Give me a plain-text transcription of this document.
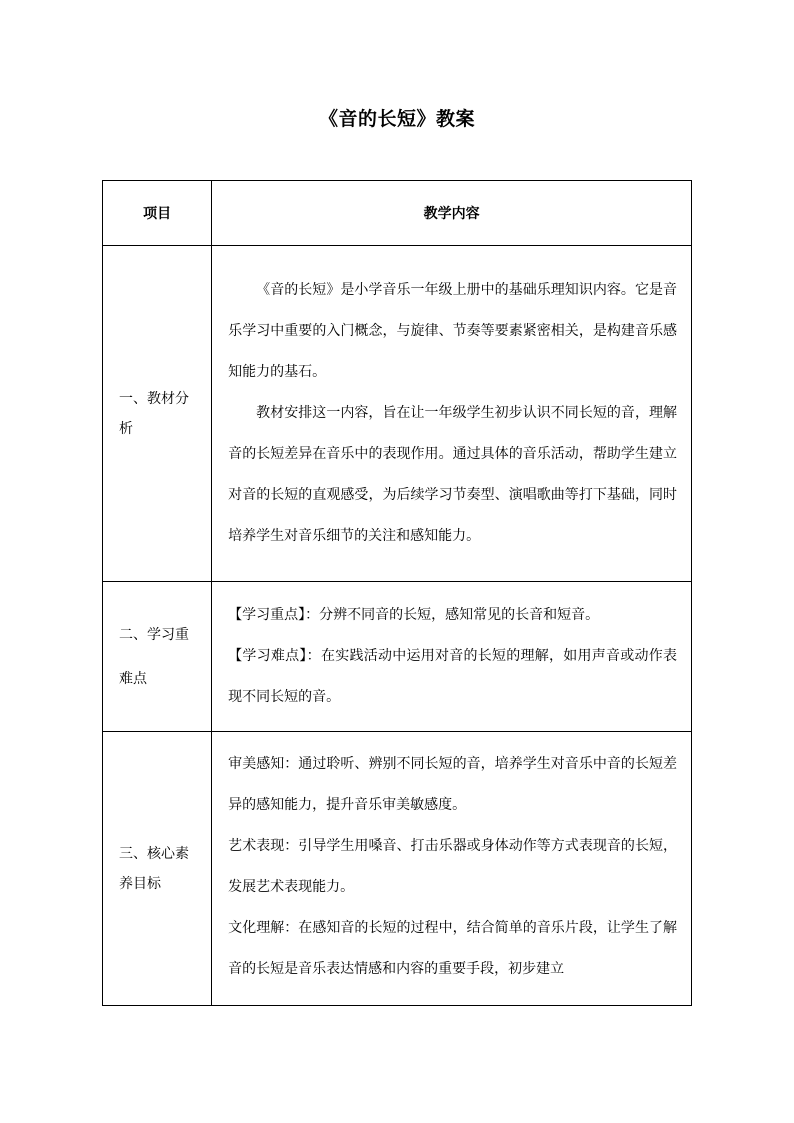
《音的长短》教案
项目	教学内容
一、教材分析	《音的长短》是小学音乐一年级上册中的基础乐理知识内容。它是音乐学习中重要的入门概念，与旋律、节奏等要素紧密相关，是构建音乐感知能力的基石。

教材安排这一内容，旨在让一年级学生初步认识不同长短的音，理解音的长短差异在音乐中的表现作用。通过具体的音乐活动，帮助学生建立对音的长短的直观感受，为后续学习节奏型、演唱歌曲等打下基础，同时培养学生对音乐细节的关注和感知能力。

二、学习重难点	【学习重点】：分辨不同音的长短，感知常见的长音和短音。

【学习难点】：在实践活动中运用对音的长短的理解，如用声音或动作表现不同长短的音。

三、核心素养目标	审美感知：通过聆听、辨别不同长短的音，培养学生对音乐中音的长短差异的感知能力，提升音乐审美敏感度。

艺术表现：引导学生用嗓音、打击乐器或身体动作等方式表现音的长短，发展艺术表现能力。

文化理解：在感知音的长短的过程中，结合简单的音乐片段，让学生了解音的长短是音乐表达情感和内容的重要手段，初步建立
